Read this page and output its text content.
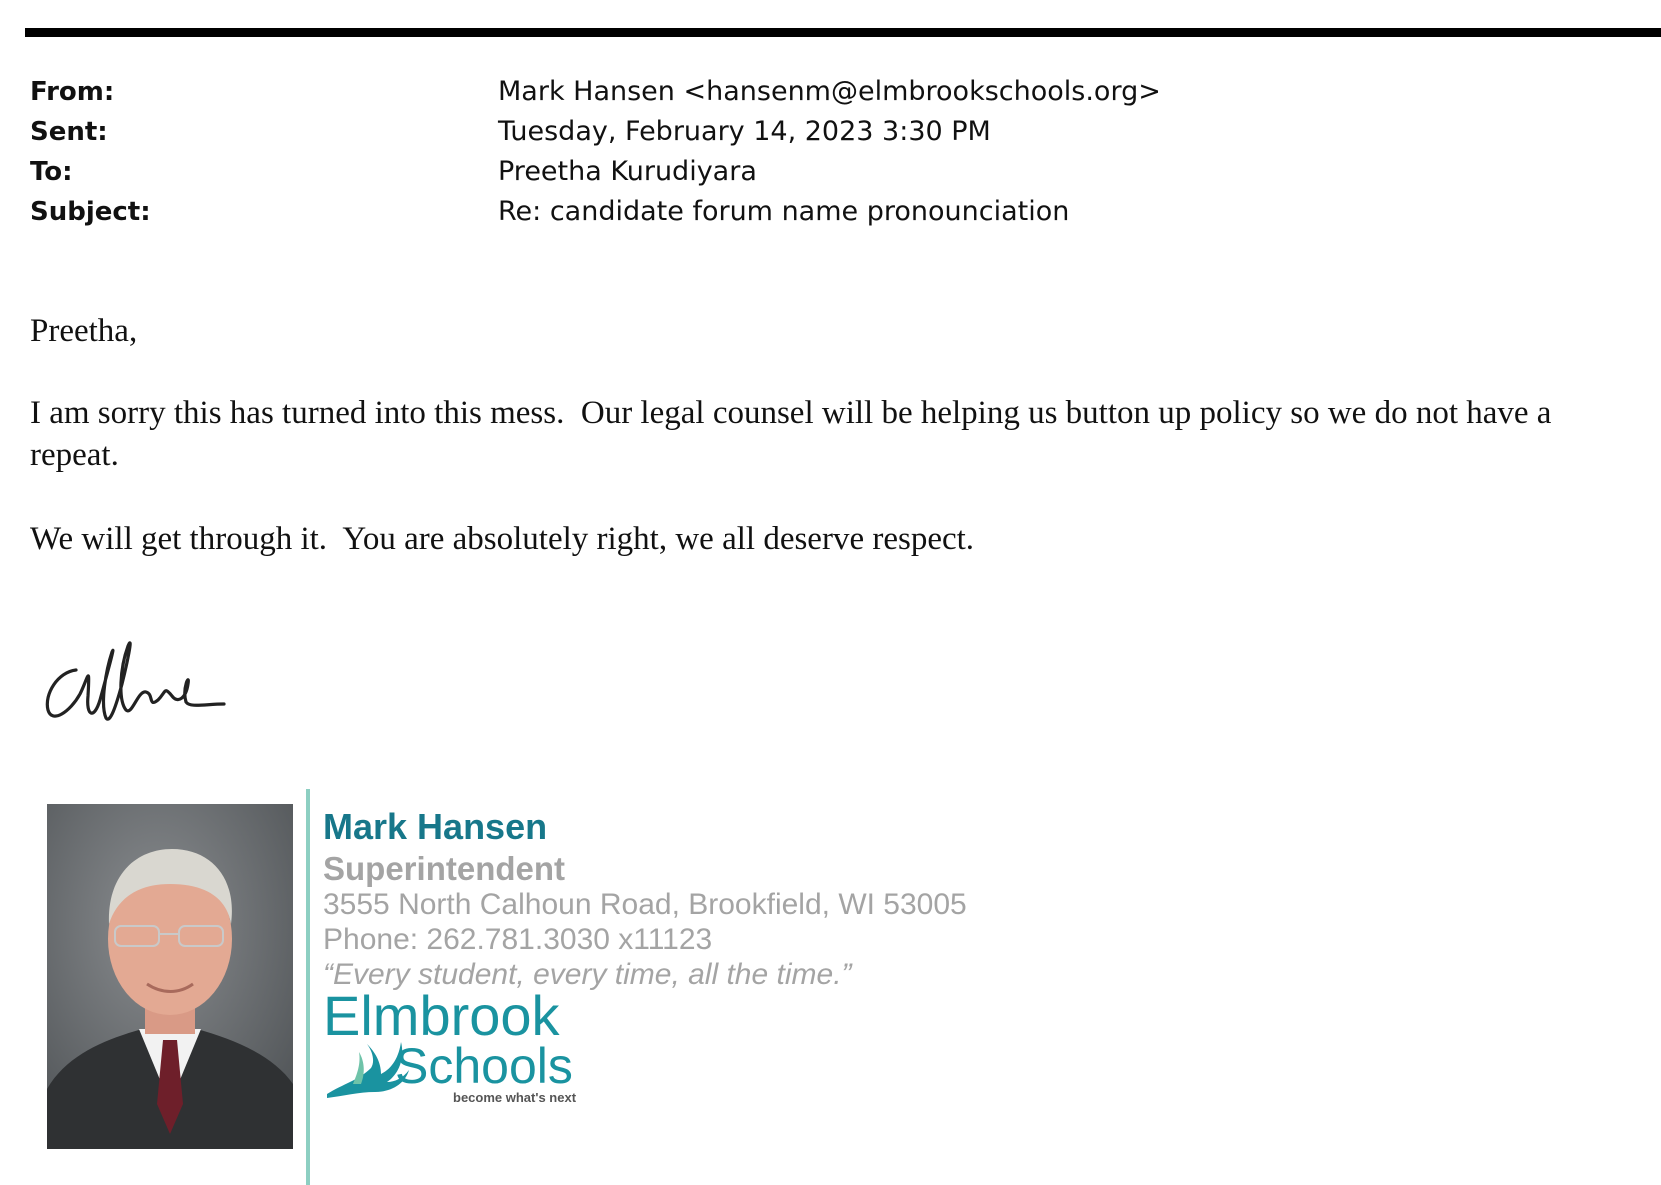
From:	Mark Hansen <hansenm@elmbrookschools.org>
Sent:	Tuesday, February 14, 2023 3:30 PM
To:	Preetha Kurudiyara
Subject:	Re: candidate forum name pronounciation
Preetha,
I am sorry this has turned into this mess.  Our legal counsel will be helping us button up policy so we do not have a repeat.
We will get through it.  You are absolutely right, we all deserve respect.
Mark Hansen
Superintendent
3555 North Calhoun Road, Brookfield, WI 53005
Phone: 262.781.3030 x11123
“Every student, every time, all the time.”
Elmbrook
Schools
become what's next
